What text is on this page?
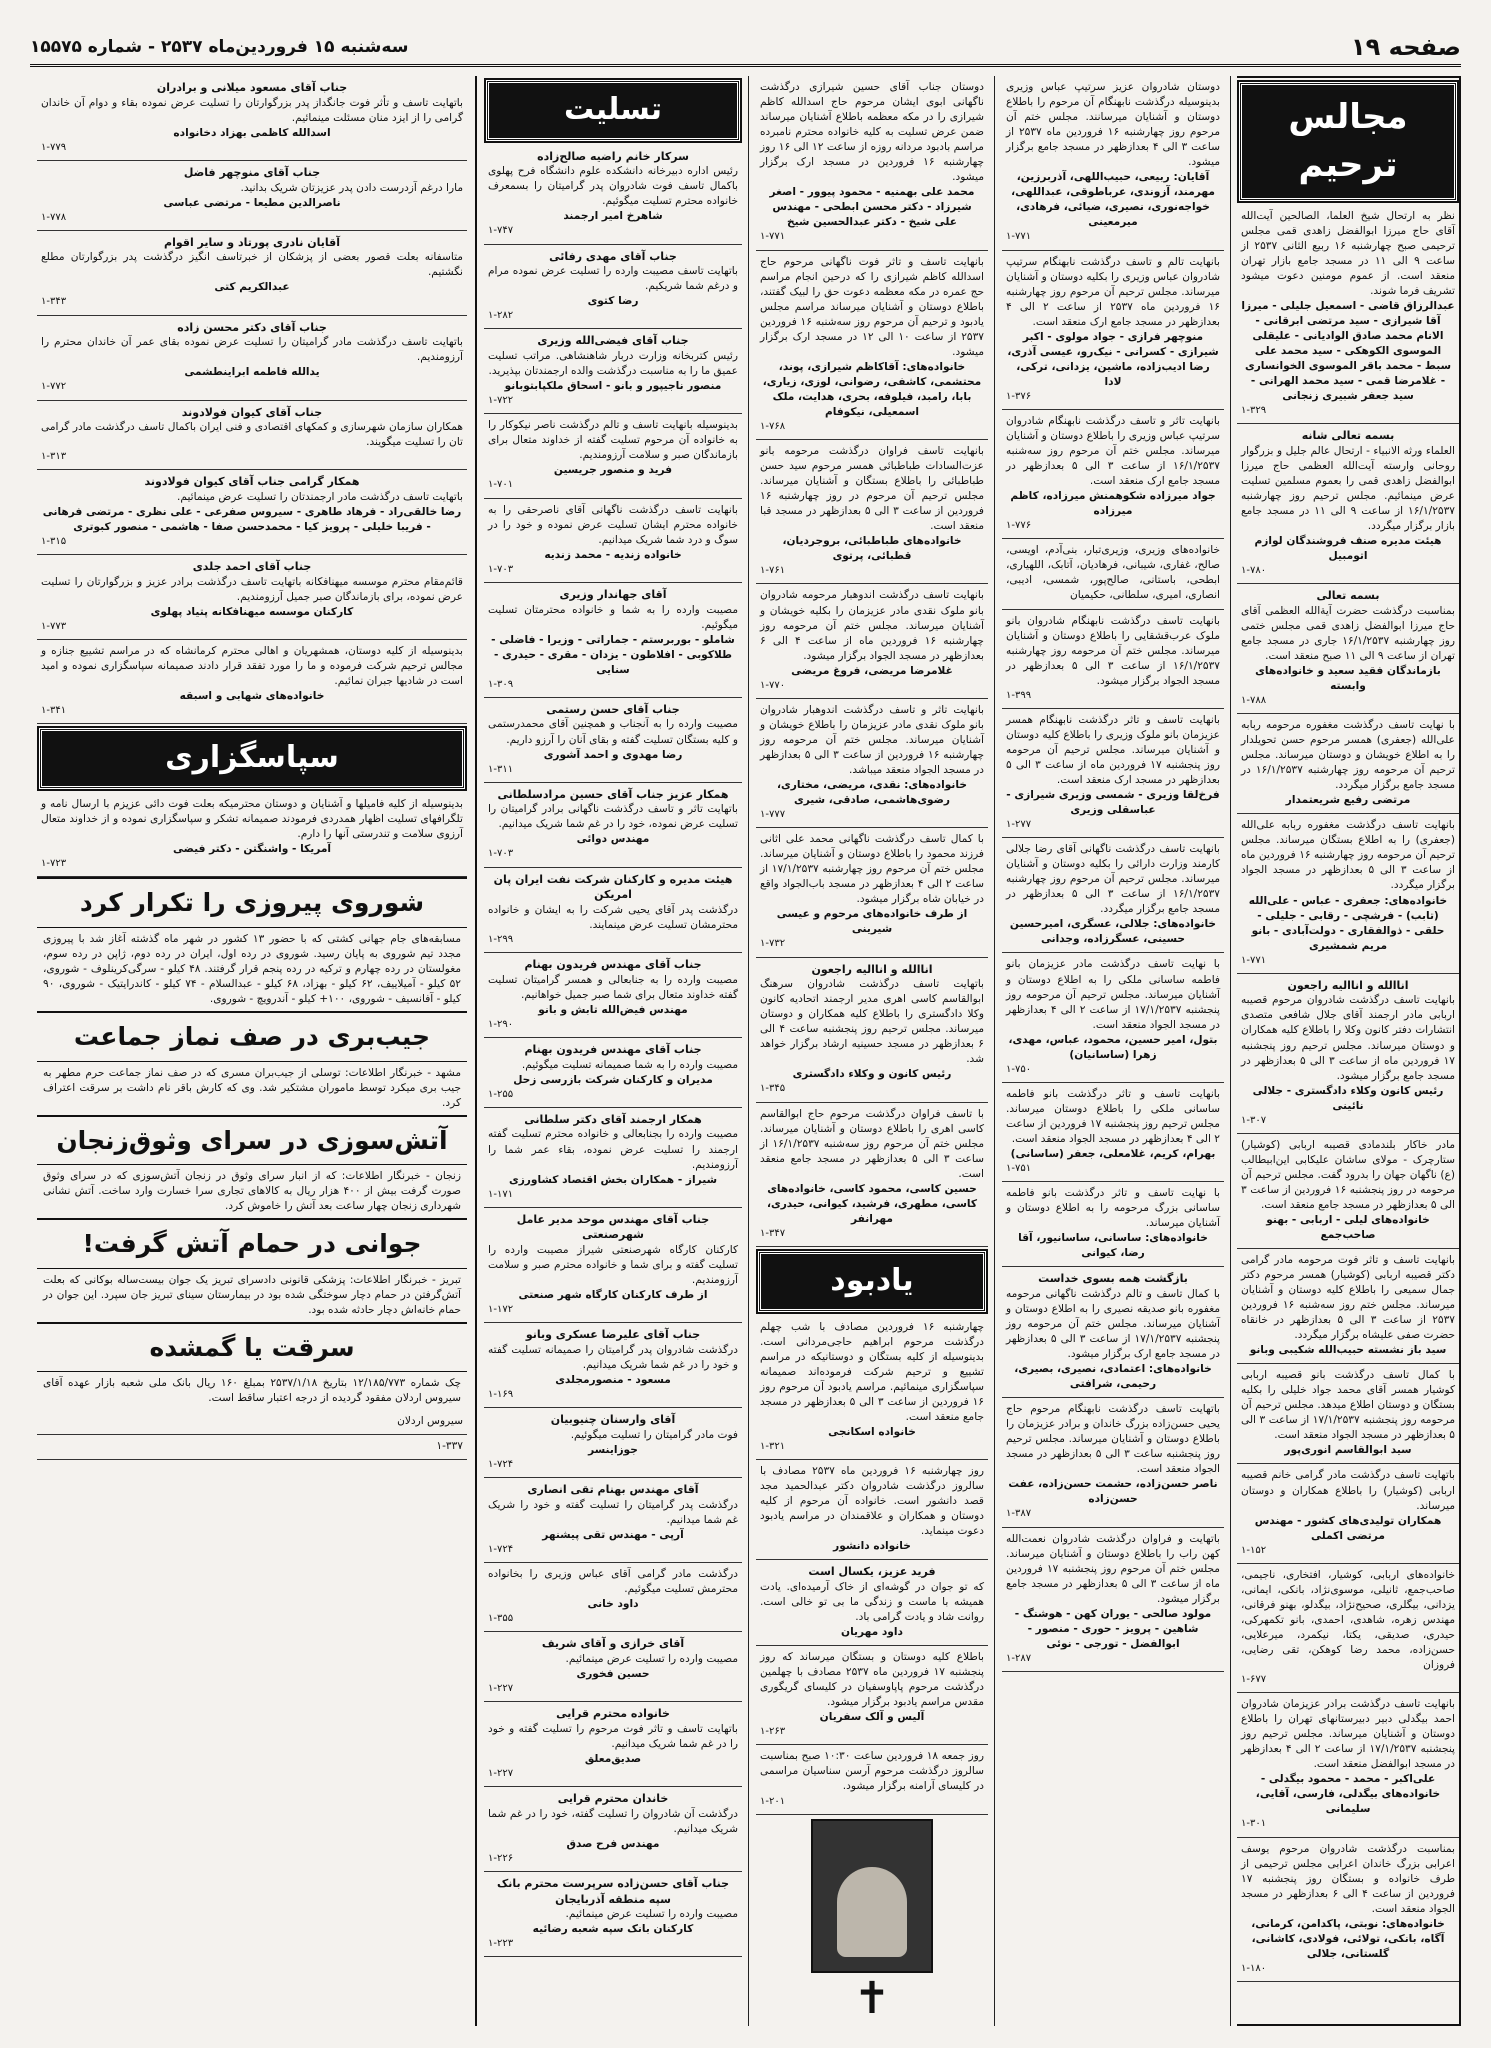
صفحه ۱۹
سه‌شنبه ۱۵ فروردین‌ماه ۲۵۳۷ - شماره ۱۵۵۷۵
مجالس ترحیم
نظر به ارتحال شیخ العلما، الصالحین آیت‌الله آقای حاج میرزا ابوالفضل زاهدی قمی مجلس ترحیمی صبح چهارشنبه ۱۶ ربیع الثانی ۲۵۳۷ از ساعت ۹ الی ۱۱ در مسجد جامع بازار تهران منعقد است. از عموم مومنین دعوت میشود تشریف فرما شوند.
عبدالرزاق قاضی - اسمعیل جلیلی - میرزا آقا شیرازی - سید مرتضی ابرقانی - الانام محمد صادق الوادیانی - علیقلی الموسوی الکوهکی - سید محمد علی سبط - محمد باقر الموسوی الخوانساری - غلامرضا قمی - سید محمد الهرانی - سید جعفر شبیری زنجانی
۱-۳۲۹
بسمه تعالی شانه
العلماء ورثه الانبیاء - ارتحال عالم جلیل و بزرگوار روحانی وارسته آیت‌الله العظمی حاج میرزا ابوالفضل زاهدی قمی را بعموم مسلمین تسلیت عرض مینمائیم. مجلس ترحیم روز چهارشنبه ۱۶/۱/۲۵۳۷ از ساعت ۹ الی ۱۱ در مسجد جامع بازار برگزار میگردد.
هیئت مدیره صنف فروشندگان لوازم اتومبیل
۱-۷۸۰
بسمه تعالی
بمناسبت درگذشت حضرت آیةالله العظمی آقای حاج میرزا ابوالفضل زاهدی قمی مجلس ختمی روز چهارشنبه ۱۶/۱/۲۵۳۷ جاری در مسجد جامع تهران از ساعت ۹ الی ۱۱ صبح منعقد است.
بازماندگان فقید سعید و خانواده‌های وابسته
۱-۷۸۸
با نهایت تاسف درگذشت مغفوره مرحومه ربابه علی‌الله (جعفری) همسر مرحوم حسن تحویلدار را به اطلاع خویشان و دوستان میرساند. مجلس ترحیم آن مرحومه روز چهارشنبه ۱۶/۱/۲۵۳۷ در مسجد جامع برگزار میگردد.
مرتضی رفیع شریعتمدار
بانهایت تاسف درگذشت مغفوره ربابه علی‌الله (جعفری) را به اطلاع بستگان میرساند. مجلس ترحیم آن مرحومه روز چهارشنبه ۱۶ فروردین ماه از ساعت ۳ الی ۵ بعدازظهر در مسجد الجواد برگزار میگردد.
خانواده‌های: جعفری - عباس - علی‌الله (تابب) - فرشچی - رقابی - جلیلی - حلقی - ذوالفقاری - دولت‌آبادی - بانو مریم شمشیری
۱-۷۷۱
اناالله و اناالیه راجعون
بانهایت تاسف درگذشت شادروان مرحوم قصیبه اربابی مادر ارجمند آقای جلال شافعی متصدی انتشارات دفتر کانون وکلا را باطلاع کلیه همکاران و دوستان میرساند. مجلس ترحیم روز پنجشنبه ۱۷ فروردین ماه از ساعت ۳ الی ۵ بعدازظهر در مسجد جامع برگزار میشود.
رئیس کانون وکلاء دادگستری - جلالی نائینی
۱-۳۰۷
مادر خاکار بلندمادی قصیبه اربابی (کوشیار) ستارچرک - مولای ساشان علیکابی این‌ابیطالب (ع) ناگهان جهان را بدرود گفت. مجلس ترحیم آن مرحومه در روز پنجشنبه ۱۶ فروردین از ساعت ۳ الی ۵ بعدازظهر در مسجد جامع منعقد است.
خانواده‌های لیلی - اربابی - بهنو صاحب‌جمع
بانهایت تاسف و تاثر فوت مرحومه مادر گرامی دکتر قصیبه اربابی (کوشیار) همسر مرحوم دکتر جمال سمیعی را باطلاع کلیه دوستان و آشنایان میرساند. مجلس ختم روز سه‌شنبه ۱۶ فروردین ۲۵۳۷ از ساعت ۳ الی ۵ بعدازظهر در خانقاه حضرت صفی علیشاه برگزار میگردد.
سید باز نشسته حبیب‌الله شکیبی وبانو
با کمال تاسف درگذشت بانو قصیبه اربابی کوشیار همسر آقای محمد جواد خلیلی را بکلیه بستگان و دوستان اطلاع میدهد. مجلس ترحیم آن مرحومه روز پنجشنبه ۱۷/۱/۲۵۳۷ از ساعت ۳ الی ۵ بعدازظهر در مسجد الجواد منعقد است.
سید ابوالقاسم انوری‌پور
باتهایت تاسف درگذشت مادر گرامی خانم قصیبه اربابی (کوشیار) را باطلاع همکاران و دوستان میرساند.
همکاران تولیدی‌های کشور - مهندس مرتضی اکملی
۱-۱۵۲
خانواده‌های اربابی، کوشیار، افتخاری، ناجیمی، صاحب‌جمع، ثانیلی، موسوی‌نژاد، بانکی، ایمانی، یزدانی، بیگلری، صحیح‌نژاد، بیگدلو، بهنو فرقانی، مهندس زهره، شاهدی، احمدی، بانو تکمهرکی، حیدری، صدیقی، یکتا، نیکمرد، میرعلایی، حسن‌زاده، محمد رضا کوهکن، تقی رضایی، فروزان
۱-۶۷۷
بانهایت تاسف درگذشت برادر عزیزمان شادروان احمد بیگدلی دبیر دبیرستانهای تهران را باطلاع دوستان و آشنایان میرساند. مجلس ترحیم روز پنجشنبه ۱۷/۱/۲۵۳۷ از ساعت ۲ الی ۴ بعدازظهر در مسجد ابوالفضل منعقد است.
علی‌اکبر - محمد - محمود بیگدلی - خانواده‌های بیگدلی، فارسی، آقایی، سلیمانی
۱-۳۰۱
بمناسبت درگذشت شادروان مرحوم یوسف اعرابی بزرگ خاندان اعرابی مجلس ترحیمی از طرف خانواده و بستگان روز پنجشنبه ۱۷ فروردین از ساعت ۴ الی ۶ بعدازظهر در مسجد الجواد منعقد است.
خانواده‌های: نوبتی، پاکدامن، کرمانی، آگاه، بانکی، تولائی، فولادی، کاشانی، گلستانی، جلالی
۱-۱۸۰
دوستان شادروان عزیز سرتیپ عباس وزیری بدینوسیله درگذشت نابهنگام آن مرحوم را باطلاع دوستان و آشنایان میرسانند. مجلس ختم آن مرحوم روز چهارشنبه ۱۶ فروردین ماه ۲۵۳۷ از ساعت ۳ الی ۴ بعدازظهر در مسجد جامع برگزار میشود.
آقایان: ربیعی، حبیب‌اللهی، آذربرزین، مهرمند، آزوندی، عرباطوقی، عبداللهی، خواجه‌نوری، نصیری، ضیائی، فرهادی، میرمعینی
۱-۷۷۱
بانهایت تالم و تاسف درگذشت نابهنگام سرتیپ شادروان عباس وزیری را بکلیه دوستان و آشنایان میرساند. مجلس ترحیم آن مرحوم روز چهارشنبه ۱۶ فروردین ماه ۲۵۳۷ از ساعت ۲ الی ۴ بعدازظهر در مسجد جامع ارک منعقد است.
منوچهر فرازی - جواد مولوی - اکبر شیرازی - کسرانی - نیک‌رو، عیسی آذری، رضا ادیب‌زاده، ماشین، یزدانی، ترکی، لادا
۱-۳۷۶
بانهایت تاثر و تاسف درگذشت نابهنگام شادروان سرتیپ عباس وزیری را باطلاع دوستان و آشنایان میرساند. مجلس ختم آن مرحوم روز سه‌شنبه ۱۶/۱/۲۵۳۷ از ساعت ۳ الی ۵ بعدازظهر در مسجد جامع ارک منعقد است.
جواد میرزاده شکوهمنش میرزاده، کاظم میرزاده
۱-۷۷۶
خانواده‌های وزیری، وزیری‌تبار، بنی‌آدم، اویسی، صالح، غفاری، شیبانی، فرهادیان، آتابک، اللهیاری، ابطحی، باستانی، صالح‌پور، شمسی، ادیبی، انصاری، امیری، سلطانی، حکیمیان
بانهایت تاسف درگذشت نابهنگام شادروان بانو ملوک عرب‌قشقایی را باطلاع دوستان و آشنایان میرساند. مجلس ختم آن مرحومه روز چهارشنبه ۱۶/۱/۲۵۳۷ از ساعت ۳ الی ۵ بعدازظهر در مسجد الجواد برگزار میشود.
۱-۳۹۹
بانهایت تاسف و تاثر درگذشت نابهنگام همسر عزیزمان بانو ملوک وزیری را باطلاع کلیه دوستان و آشنایان میرساند. مجلس ترحیم آن مرحومه روز پنجشنبه ۱۷ فروردین ماه از ساعت ۳ الی ۵ بعدازظهر در مسجد ارک منعقد است.
فرخ‌لقا وزیری - شمسی وزیری شیرازی - عباسقلی وزیری
۱-۲۷۷
بانهایت تاسف درگذشت ناگهانی آقای رضا جلالی کارمند وزارت دارائی را بکلیه دوستان و آشنایان میرساند. مجلس ترحیم آن مرحوم روز چهارشنبه ۱۶/۱/۲۵۳۷ از ساعت ۳ الی ۵ بعدازظهر در مسجد جامع برگزار میگردد.
خانواده‌های: جلالی، عسگری، امیرحسین حسینی، عسگرزاده، وجدانی
با نهایت تاسف درگذشت مادر عزیزمان بانو فاطمه ساسانی ملکی را به اطلاع دوستان و آشنایان میرساند. مجلس ترحیم آن مرحومه روز پنجشنبه ۱۷/۱/۲۵۳۷ از ساعت ۲ الی ۴ بعدازظهر در مسجد الجواد منعقد است.
بتول، امیر حسین، محمود، عباس، مهدی، زهرا (ساسانیان)
۱-۷۵۰
بانهایت تاسف و تاثر درگذشت بانو فاطمه ساسانی ملکی را باطلاع دوستان میرساند. مجلس ترحیم روز پنجشنبه ۱۷ فروردین از ساعت ۲ الی ۴ بعدازظهر در مسجد الجواد منعقد است.
بهرام، کریم، غلامعلی، جعفر (ساسانی)
۱-۷۵۱
با نهایت تاسف و تاثر درگذشت بانو فاطمه ساسانی بزرگ مرحومه را به اطلاع دوستان و آشنایان میرساند.
خانواده‌های: ساسانی، ساسانیور، آقا رضا، کیوانی
بازگشت همه بسوی خداست
با کمال تاسف و تالم درگذشت ناگهانی مرحومه مغفوره بانو صدیقه نصیری را به اطلاع دوستان و آشنایان میرساند. مجلس ختم آن مرحومه روز پنجشنبه ۱۷/۱/۲۵۳۷ از ساعت ۳ الی ۵ بعدازظهر در مسجد جامع ارک برگزار میشود.
خانواده‌های: اعتمادی، نصیری، بصیری، رحیمی، شرافتی
باتهایت تاسف درگذشت نابهنگام مرحوم حاج یحیی حسن‌زاده بزرگ خاندان و برادر عزیزمان را باطلاع دوستان و آشنایان میرساند. مجلس ترحیم روز پنجشنبه ساعت ۳ الی ۵ بعدازظهر در مسجد الجواد منعقد است.
ناصر حسن‌زاده، حشمت حسن‌زاده، عفت حسن‌زاده
۱-۳۸۷
باتهایت و فراوان درگذشت شادروان نعمت‌الله کهن راب را باطلاع دوستان و آشنایان میرساند. مجلس ختم آن مرحوم روز پنجشنبه ۱۷ فروردین ماه از ساعت ۳ الی ۵ بعدازظهر در مسجد جامع برگزار میشود.
مولود صالحی - یوران کهن - هوشنگ - شاهین - پرویز - حوری - منصور - ابوالفضل - تورجی - نوئی
۱-۲۸۷
دوستان جناب آقای حسین شیرازی درگذشت ناگهانی ابوی ایشان مرحوم حاج اسدالله کاظم شیرازی را در مکه معظمه باطلاع آشنایان میرساند ضمن عرض تسلیت به کلیه خانواده محترم نامبرده مراسم بادبود مردانه روزه از ساعت ۱۲ الی ۱۶ روز چهارشنبه ۱۶ فروردین در مسجد ارک برگزار میشود.
محمد علی بهمنیه - محمود پیوور - اصغر شیرزاد - دکتر محسن ابطحی - مهندس علی شیخ - دکتر عبدالحسین شیخ
۱-۷۷۱
بانهایت تاسف و تاثر فوت ناگهانی مرحوم حاج اسدالله کاظم شیرازی را که درحین انجام مراسم حج عمره در مکه معظمه دعوت حق را لبیک گفتند، باطلاع دوستان و آشنایان میرساند مراسم مجلس یادبود و ترحیم آن مرحوم روز سه‌شنبه ۱۶ فروردین ۲۵۳۷ از ساعت ۱۰ الی ۱۲ در مسجد ارک برگزار میشود.
خانواده‌های: آقاکاظم شیرازی، پوند، محتشمی، کاشفی، رضوانی، لوزی، زیاری، بابا، رامبد، فیلوفه، بحری، هدایت، ملک اسمعیلی، نیکوفام
۱-۷۶۸
بانهایت تاسف فراوان درگذشت مرحومه بانو عزت‌السادات طباطبائی همسر مرحوم سید حسن طباطبائی را باطلاع بستگان و آشنایان میرساند. مجلس ترحیم آن مرحوم در روز چهارشنبه ۱۶ فروردین از ساعت ۳ الی ۵ بعدازظهر در مسجد قبا منعقد است.
خانواده‌های طباطبائی، بروجردیان، قطبائی، پرتوی
۱-۷۶۱
بانهایت تاسف درگذشت اندوهبار مرحومه شادروان بانو ملوک نقدی مادر عزیزمان را بکلیه خویشان و آشنایان میرساند. مجلس ختم آن مرحومه روز چهارشنبه ۱۶ فروردین ماه از ساعت ۴ الی ۶ بعدازظهر در مسجد الجواد برگزار میشود.
غلامرضا مریضی، فروغ مریضی
۱-۷۷۰
بانهایت تاثر و تاسف درگذشت اندوهبار شادروان بانو ملوک نقدی مادر عزیزمان را باطلاع خویشان و آشنایان میرساند. مجلس ختم آن مرحومه روز چهارشنبه ۱۶ فروردین از ساعت ۳ الی ۵ بعدازظهر در مسجد الجواد منعقد میباشد.
خانواده‌های: نقدی، مریضی، مختاری، رضوی‌هاشمی، صادقی، شیری
۱-۷۷۷
با کمال تاسف درگذشت ناگهانی محمد علی اثانی فرزند محمود را باطلاع دوستان و آشنایان میرساند. مجلس ختم آن مرحوم روز چهارشنبه ۱۷/۱/۲۵۳۷ از ساعت ۲ الی ۴ بعدازظهر در مسجد باب‌الجواد واقع در خیابان شاه برگزار میشود.
از طرف خانواده‌های مرحوم و عیسی شیرینی
۱-۷۳۲
اناالله و اناالیه راجعون
باتهایت تاسف درگذشت شادروان سرهنگ ابوالقاسم کاسی اهری مدیر ارجمند اتحادیه کانون وکلا دادگستری را باطلاع کلیه همکاران و دوستان میرساند. مجلس ترحیم روز پنجشنبه ساعت ۴ الی ۶ بعدازظهر در مسجد حسینیه ارشاد برگزار خواهد شد.
رئیس کانون و وکلاء دادگستری
۱-۳۴۵
با تاسف فراوان درگذشت مرحوم حاج ابوالقاسم کاسی اهری را باطلاع دوستان و آشنایان میرساند. مجلس ختم آن مرحوم روز سه‌شنبه ۱۶/۱/۲۵۳۷ از ساعت ۳ الی ۵ بعدازظهر در مسجد جامع منعقد است.
حسین کاسی، محمود کاسی، خانواده‌های کاسی، مطهری، فرشید، کیوانی، حیدری، مهرانفر
۱-۳۴۷
یادبود
چهارشنبه ۱۶ فروردین مصادف با شب چهلم درگذشت مرحوم ابراهیم حاجی‌مردانی است. بدینوسیله از کلیه بستگان و دوستانیکه در مراسم تشییع و ترحیم شرکت فرموده‌اند صمیمانه سپاسگزاری مینمائیم. مراسم یادبود آن مرحوم روز ۱۶ فروردین از ساعت ۳ الی ۵ بعدازظهر در مسجد جامع منعقد است.
خانواده اسکانجی
۱-۳۲۱
روز چهارشنبه ۱۶ فروردین ماه ۲۵۳۷ مصادف با سالروز درگذشت شادروان دکتر عبدالحمید مجد قصد دانشور است. خانواده آن مرحوم از کلیه دوستان و همکاران و علاقمندان در مراسم یادبود دعوت مینماید.
خانواده دانشور
فرید عزیز، یکسال است
که تو جوان در گوشه‌ای از خاک آرمیده‌ای. یادت همیشه با ماست و زندگی ما بی تو خالی است. روانت شاد و یادت گرامی باد.
داود مهریان
باطلاع کلیه دوستان و بستگان میرساند که روز پنجشنبه ۱۷ فروردین ماه ۲۵۳۷ مصادف با چهلمین درگذشت مرحوم پاپاوسفیان در کلیسای گریگوری مقدس مراسم یادبود برگزار میشود.
آلیس و آلک سفریان
۱-۲۶۳
روز جمعه ۱۸ فروردین ساعت ۱۰:۳۰ صبح بمناسبت سالروز درگذشت مرحوم آرسن سناسیان مراسمی در کلیسای آرامنه برگزار میشود.
۱-۲۰۱
✝
تسلیت
سرکار خانم راضیه صالح‌زاده
رئیس اداره دبیرخانه دانشکده علوم دانشگاه فرح پهلوی باکمال تاسف فوت شادروان پدر گرامیتان را بسمعرف خانواده محترم تسلیت میگوئیم.
شاهرخ امیر ارجمند
۱-۷۴۷
جناب آقای مهدی رفائی
باتهایت تاسف مصیبت وارده را تسلیت عرض نموده مرام و درغم شما شریکیم.
رضا کتوی
۱-۲۸۲
جناب آقای فیضی‌الله وزیری
رئیس کتربخانه وزارت دربار شاهنشاهی. مراتب تسلیت عمیق ما را به مناسبت درگذشت والده ارجمندتان بپذیرید.
منصور ناجیپور و بانو - اسحاق ملکپابتوبانو
۱-۷۲۲
بدینوسیله بانهایت تاسف و تالم درگذشت ناصر نیکوکار را به خانواده آن مرحوم تسلیت گفته از خداوند متعال برای بازماندگان صبر و سلامت آرزومندیم.
فرید و منصور جریسین
۱-۷۰۱
بانهایت تاسف درگذشت ناگهانی آقای ناصرحقی را به خانواده محترم ایشان تسلیت عرض نموده و خود را در سوگ و درد شما شریک میدانیم.
خانواده زندیه - محمد زندیه
۱-۷۰۳
آقای جهاندار وزیری
مصیبت وارده را به شما و خانواده محترمتان تسلیت میگوئیم.
شاملو - بوربرستم - جماراتی - وزیرا - فاضلی - طلاکوبی - افلاطون - یزدان - مقری - حیدری - سنایی
۱-۳۰۹
جناب آقای حسن رستمی
مصیبت وارده را به آنجناب و همچنین آقای محمدرستمی و کلیه بستگان تسلیت گفته و بقای آنان را آرزو داریم.
رضا مهدوی و احمد آشوری
۱-۳۱۱
همکار عزیز جناب آقای حسین مرادسلطانی
باتهایت تاثر و تاسف درگذشت ناگهانی برادر گرامیتان را تسلیت عرض نموده، خود را در غم شما شریک میدانیم.
مهندس دوائی
۱-۷۰۳
هیئت مدیره و کارکنان شرکت نفت ایران پان امریکن
درگذشت پدر آقای یحیی شرکت را به ایشان و خانواده محترمشان تسلیت عرض مینمایند.
۱-۲۹۹
جناب آقای مهندس فریدون بهنام
مصیبت وارده را به جنابعالی و همسر گرامیتان تسلیت گفته خداوند متعال برای شما صبر جمیل خواهانیم.
مهندس فیض‌الله تابش و بانو
۱-۲۹۰
جناب آقای مهندس فریدون بهنام
مصیبت وارده را به شما صمیمانه تسلیت میگوئیم.
مدیران و کارکنان شرکت بازرسی زحل
۱-۲۵۵
همکار ارجمند آقای دکتر سلطانی
مصیبت وارده را بجنابعالی و خانواده محترم تسلیت گفته ارجمند را تسلیت عرض نموده، بقاء عمر شما را آرزومندیم.
شیراز - همکاران بخش اقتصاد کشاورزی
۱-۱۷۱
جناب آقای مهندس موحد مدیر عامل شهرصنعتی
کارکنان کارگاه شهرصنعتی شیراز مصیبت وارده را تسلیت گفته و برای شما و خانواده محترم صبر و سلامت آرزومندیم.
از طرف کارکنان کارگاه شهر صنعتی
۱-۱۷۲
جناب آقای علیرضا عسکری وبانو
درگذشت شادروان پدر گرامیتان را صمیمانه تسلیت گفته و خود را در غم شما شریک میدانیم.
مسعود - منصورمجلدی
۱-۱۶۹
آقای وارسنان چنیوبیان
فوت مادر گرامیتان را تسلیت میگوئیم.
جوزاینسر
۱-۷۲۴
آقای مهندس بهنام تقی انصاری
درگذشت پدر گرامیتان را تسلیت گفته و خود را شریک غم شما میدانیم.
آرپی - مهندس تقی پیشنهر
۱-۷۲۴
درگذشت مادر گرامی آقای عباس وزیری را بخانواده محترمش تسلیت میگوئیم.
داود خانی
۱-۳۵۵
آقای خرازی و آقای شریف
مصیبت وارده را تسلیت عرض مینمائیم.
حسین فخوری
۱-۲۲۷
خانواده محترم قرایی
باتهایت تاسف و تاثر فوت مرحوم را تسلیت گفته و خود را در غم شما شریک میدانیم.
صدیق‌معلق
۱-۲۲۷
خاندان محترم قرایی
درگذشت آن شادروان را تسلیت گفته، خود را در غم شما شریک میدانیم.
مهندس فرح صدق
۱-۲۲۶
جناب آقای حسن‌زاده سرپرست محترم بانک سپه منطقه آذربایجان
مصیبت وارده را تسلیت عرض مینمائیم.
کارکنان بانک سپه شعبه رضائیه
۱-۲۲۳
جناب آقای مسعود میلانی و برادران
باتهایت تاسف و تأثر فوت جانگداز پدر بزرگوارتان را تسلیت عرض نموده بقاء و دوام آن خاندان گرامی را از ایزد منان مسئلت مینمائیم.
اسدالله کاظمی بهزاد دخانواده
۱-۷۷۹
جناب آقای منوچهر فاضل
مارا درغم آزدرست دادن پدر عزیزتان شریک بدانید.
ناصرالدین مطیعا - مرتضی عباسی
۱-۷۷۸
آقایان نادری پورتاد و سایر اقوام
متاسفانه بعلت قصور بعضی از پزشکان از خبرتاسف انگیز درگذشت پدر بزرگوارتان مطلع نگشتیم.
عبدالکریم کتی
۱-۳۴۳
جناب آقای دکتر محسن زاده
باتهایت تاسف درگذشت مادر گرامیتان را تسلیت عرض نموده بقای عمر آن خاندان محترم را آرزومندیم.
یدالله فاطمه ابراینطشمی
۱-۷۷۲
جناب آقای کیوان فولادوند
همکاران سازمان شهرسازی و کمکهای اقتصادی و فنی ایران باکمال تاسف درگذشت مادر گرامی تان را تسلیت میگویند.
۱-۳۱۳
همکار گرامی جناب آقای کیوان فولادوند
باتهایت تاسف درگذشت مادر ارجمندتان را تسلیت عرض مینمائیم.
رضا خالقی‌راد - فرهاد طاهری - سیروس صفرعی - علی نظری - مرتضی فرهانی - فریبا خلیلی - پرویز کیا - محمدحسن صفا - هاشمی - منصور کبوتری
۱-۳۱۵
جناب آقای احمد جلدی
قائم‌مقام محترم موسسه میهنافکانه باتهایت تاسف درگذشت برادر عزیز و بزرگوارتان را تسلیت عرض نموده، برای بازماندگان صبر جمیل آرزومندیم.
کارکنان موسسه میهنافکانه پتیاد پهلوی
۱-۷۷۳
بدینوسیله از کلیه دوستان، همشهریان و اهالی محترم کرمانشاه که در مراسم تشییع جنازه و مجالس ترحیم شرکت فرموده و ما را مورد تفقد قرار دادند صمیمانه سپاسگزاری نموده و امید است در شادیها جبران نمائیم.
خانواده‌های شهابی و اسبقه
۱-۳۴۱
سپاسگزاری
بدینوسیله از کلیه فامیلها و آشنایان و دوستان محترمیکه بعلت فوت دائی عزیزم با ارسال نامه و تلگرافهای تسلیت اظهار همدردی فرمودند صمیمانه تشکر و سپاسگزاری نموده و از خداوند متعال آرزوی سلامت و تندرستی آنها را دارم.
آمریکا - واشنگتن - دکتر فیضی
۱-۷۲۳
شوروی پیروزی را تکرار کرد
مسابقه‌های جام جهانی کشتی که با حضور ۱۳ کشور در شهر ماه گذشته آغاز شد با پیروزی مجدد تیم شوروی به پایان رسید. شوروی در رده اول، ایران در رده دوم، ژاپن در رده سوم، مغولستان در رده چهارم و ترکیه در رده پنجم قرار گرفتند. ۴۸ کیلو - سرگی‌کرینلوف - شوروی، ۵۲ کیلو - آمیلاییف، ۶۲ کیلو - بهزاد، ۶۸ کیلو - عبدالسلام - ۷۴ کیلو - کاندرایتیک - شوروی، ۹۰ کیلو - آفانسیف - شوروی، ۱۰۰+ کیلو - آندرویچ - شوروی.
جیب‌بری در صف نماز جماعت
مشهد - خبرنگار اطلاعات: توسلی از جیب‌بران مسری که در صف نماز جماعت حرم مطهر به جیب بری میکرد توسط ماموران مشتکیر شد. وی که کارش باقر نام داشت بر سرقت اعتراف کرد.
آتش‌سوزی در سرای وثوق‌زنجان
زنجان - خبرنگار اطلاعات: که از انبار سرای وثوق در زنجان آتش‌سوزی که در سرای وثوق صورت گرفت بیش از ۴۰۰ هزار ریال به کالاهای تجاری سرا خسارت وارد ساخت. آتش نشانی شهرداری زنجان چهار ساعت بعد آتش را خاموش کرد.
جوانی در حمام آتش گرفت!
تبریز - خبرنگار اطلاعات: پزشکی قانونی دادسرای تبریز یک جوان بیست‌ساله بوکانی که بعلت آتش‌گرفتن در حمام دچار سوختگی شده بود در بیمارستان سینای تبریز جان سپرد. این جوان در حمام خانه‌اش دچار حادثه شده بود.
سرقت یا گمشده
چک شماره ۱۲/۱۸۵/۷۷۳ بتاریخ ۲۵۳۷/۱/۱۸ بمبلغ ۱۶۰ ریال بانک ملی شعبه بازار عهده آقای سیروس اردلان مفقود گردیده از درجه اعتبار ساقط است.
سیروس اردلان
۱-۳۳۷
